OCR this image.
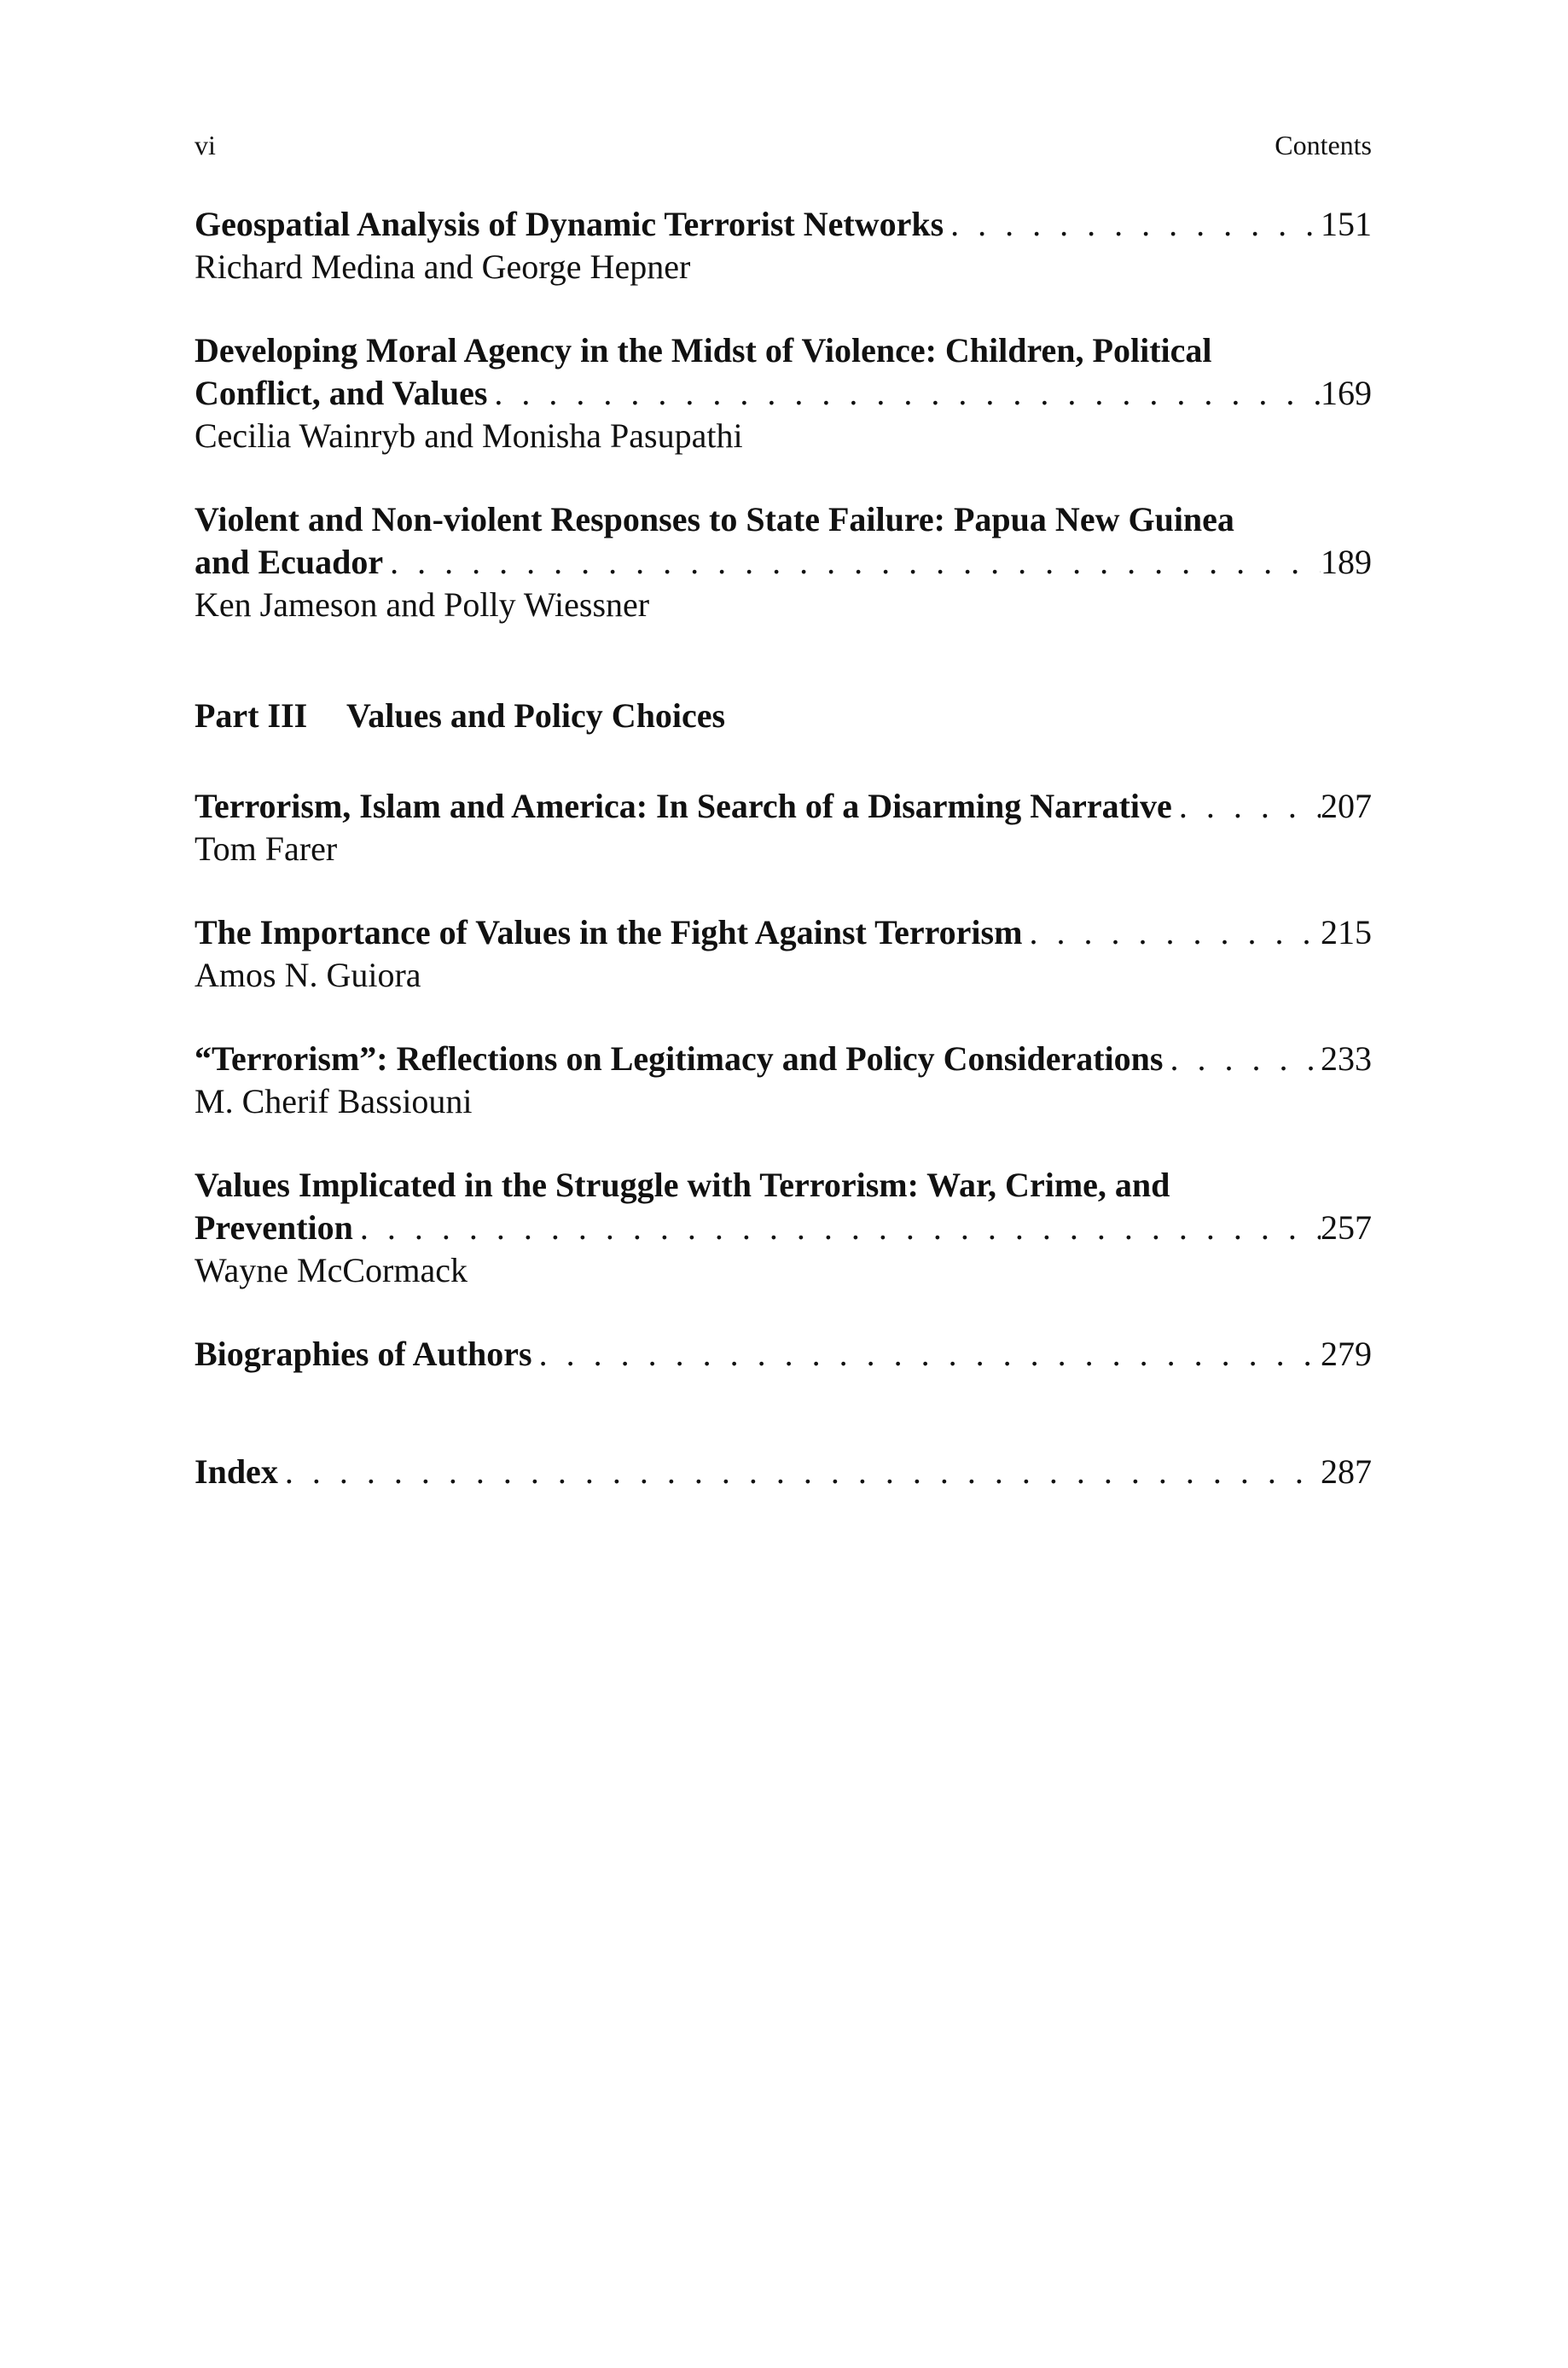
vi	Contents
Geospatial Analysis of Dynamic Terrorist Networks . . .	151
Richard Medina and George Hepner
Developing Moral Agency in the Midst of Violence: Children, Political
Conflict, and Values . . .	169
Cecilia Wainryb and Monisha Pasupathi
Violent and Non-violent Responses to State Failure: Papua New Guinea
and Ecuador . . .	189
Ken Jameson and Polly Wiessner
Part III Values and Policy Choices
Terrorism, Islam and America: In Search of a Disarming Narrative . . .	207
Tom Farer
The Importance of Values in the Fight Against Terrorism . . .	215
Amos N. Guiora
“Terrorism”: Reflections on Legitimacy and Policy Considerations . . .	233
M. Cherif Bassiouni
Values Implicated in the Struggle with Terrorism: War, Crime, and
Prevention . . .	257
Wayne McCormack
Biographies of Authors . . .	279
Index . . .	287
